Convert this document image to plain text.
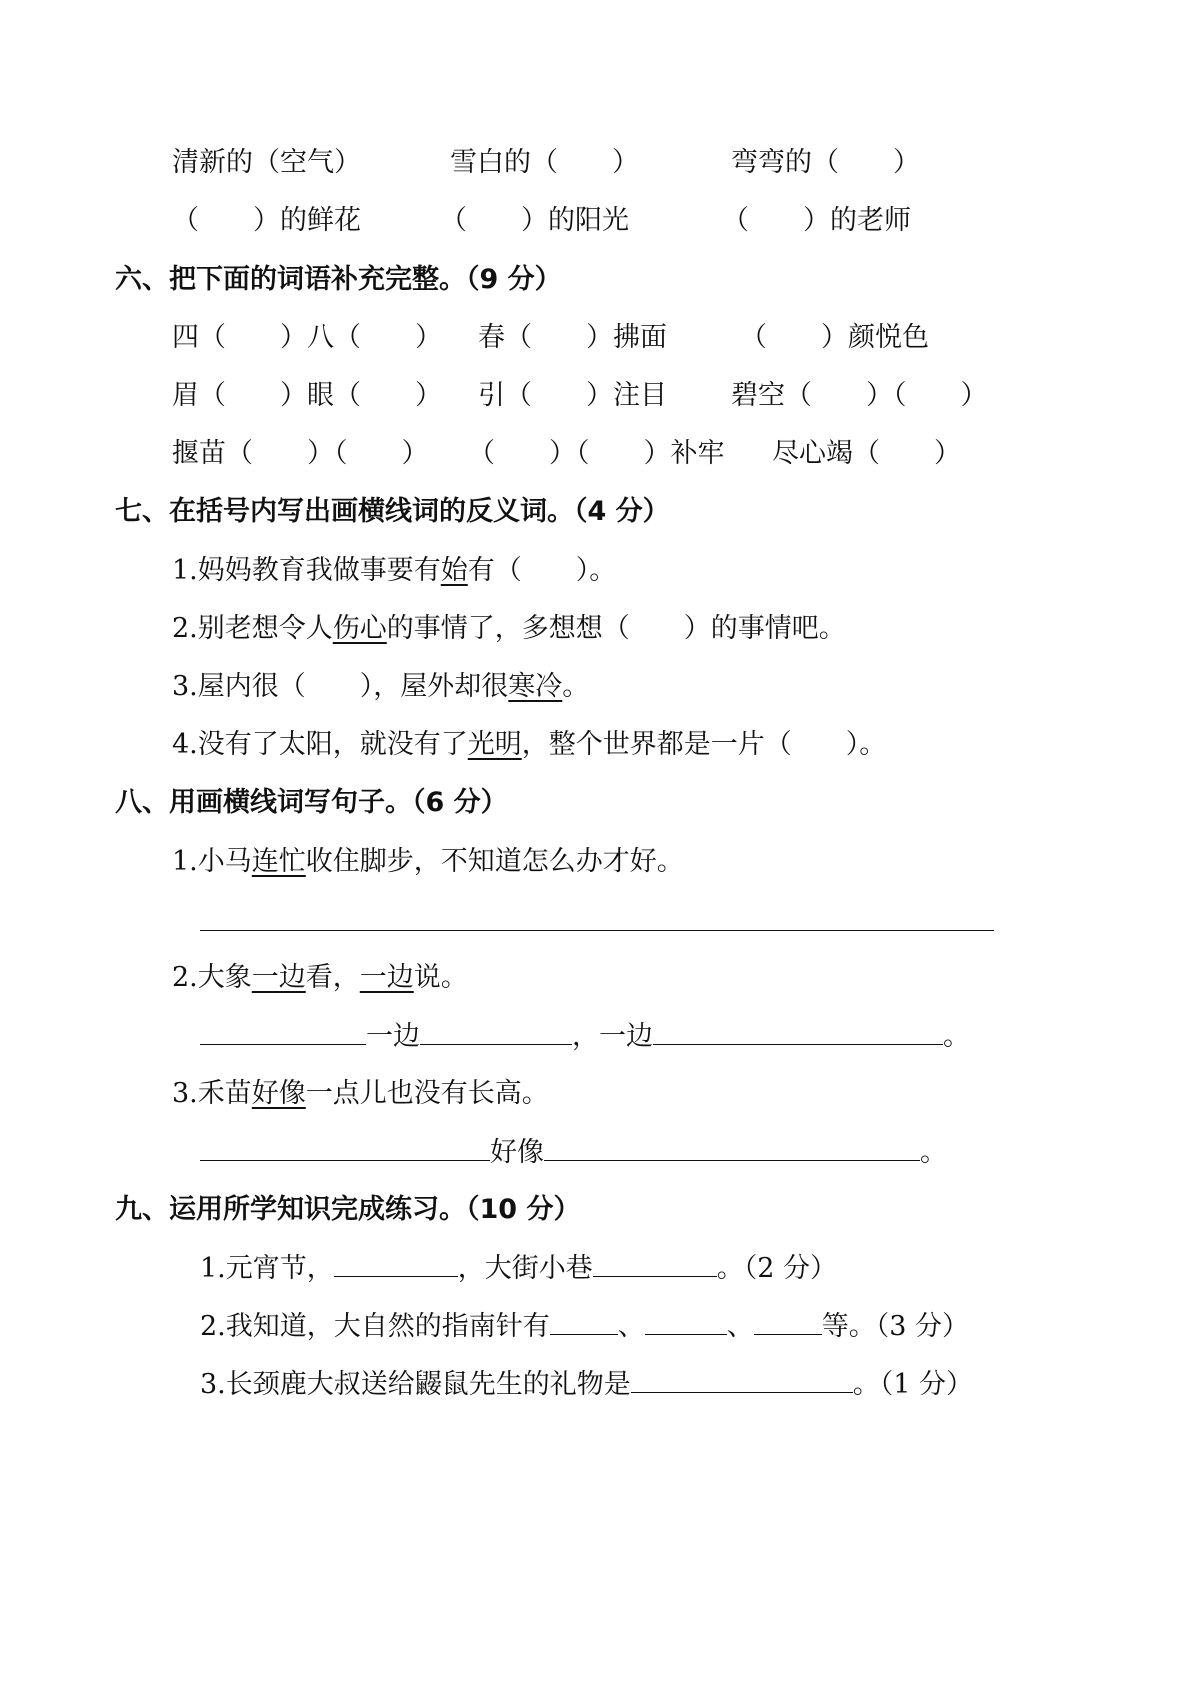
清新的（空气）	雪白的（　　）	弯弯的（　　）
（　　）的鲜花	（　　）的阳光	（　　）的老师
六、把下面的词语补充完整。（9 分）
四（　　）八（　　） 春（　　）拂面	（　　）颜悦色
眉（　　）眼（　　） 引（　　）注目 碧空（　　）（　　）
揠苗（　　）（　　） （　　）（　　）补牢 尽心竭（　　）
七、在括号内写出画横线词的反义词。（4 分）
1.妈妈教育我做事要有始有（　　）。
2.别老想令人伤心的事情了，多想想（　　）的事情吧。
3.屋内很（　　），屋外却很寒冷。
4.没有了太阳，就没有了光明，整个世界都是一片（　　）。
八、用画横线词写句子。（6 分）
1.小马连忙收住脚步，不知道怎么办才好。
2.大象一边看，一边说。
一边	，一边	。
3.禾苗好像一点儿也没有长高。
好像	。
九、运用所学知识完成练习。（10 分）
1.元宵节，	，大街小巷	。（2 分）
2.我知道，大自然的指南针有	、	、	等。（3 分）
3.长颈鹿大叔送给鼹鼠先生的礼物是	。（1 分）
